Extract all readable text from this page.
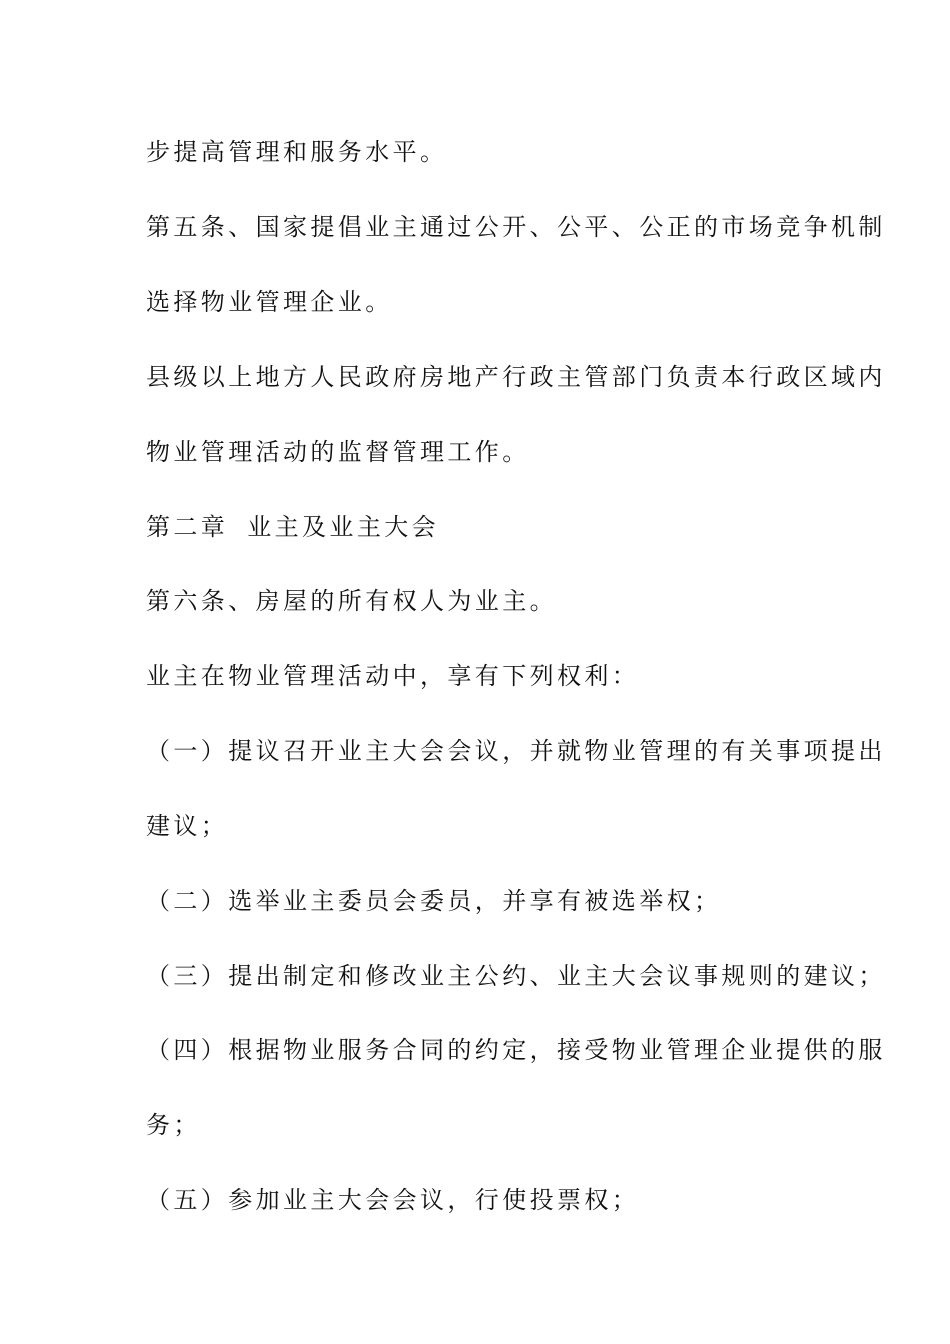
步提高管理和服务水平。
第五条、国家提倡业主通过公开、公平、公正的市场竞争机制
选择物业管理企业。
县级以上地方人民政府房地产行政主管部门负责本行政区域内
物业管理活动的监督管理工作。
第二章 业主及业主大会
第六条、房屋的所有权人为业主。
业主在物业管理活动中，享有下列权利：
（一）提议召开业主大会会议，并就物业管理的有关事项提出
建议；
（二）选举业主委员会委员，并享有被选举权；
（三）提出制定和修改业主公约、业主大会议事规则的建议；
（四）根据物业服务合同的约定，接受物业管理企业提供的服
务；
（五）参加业主大会会议，行使投票权；
